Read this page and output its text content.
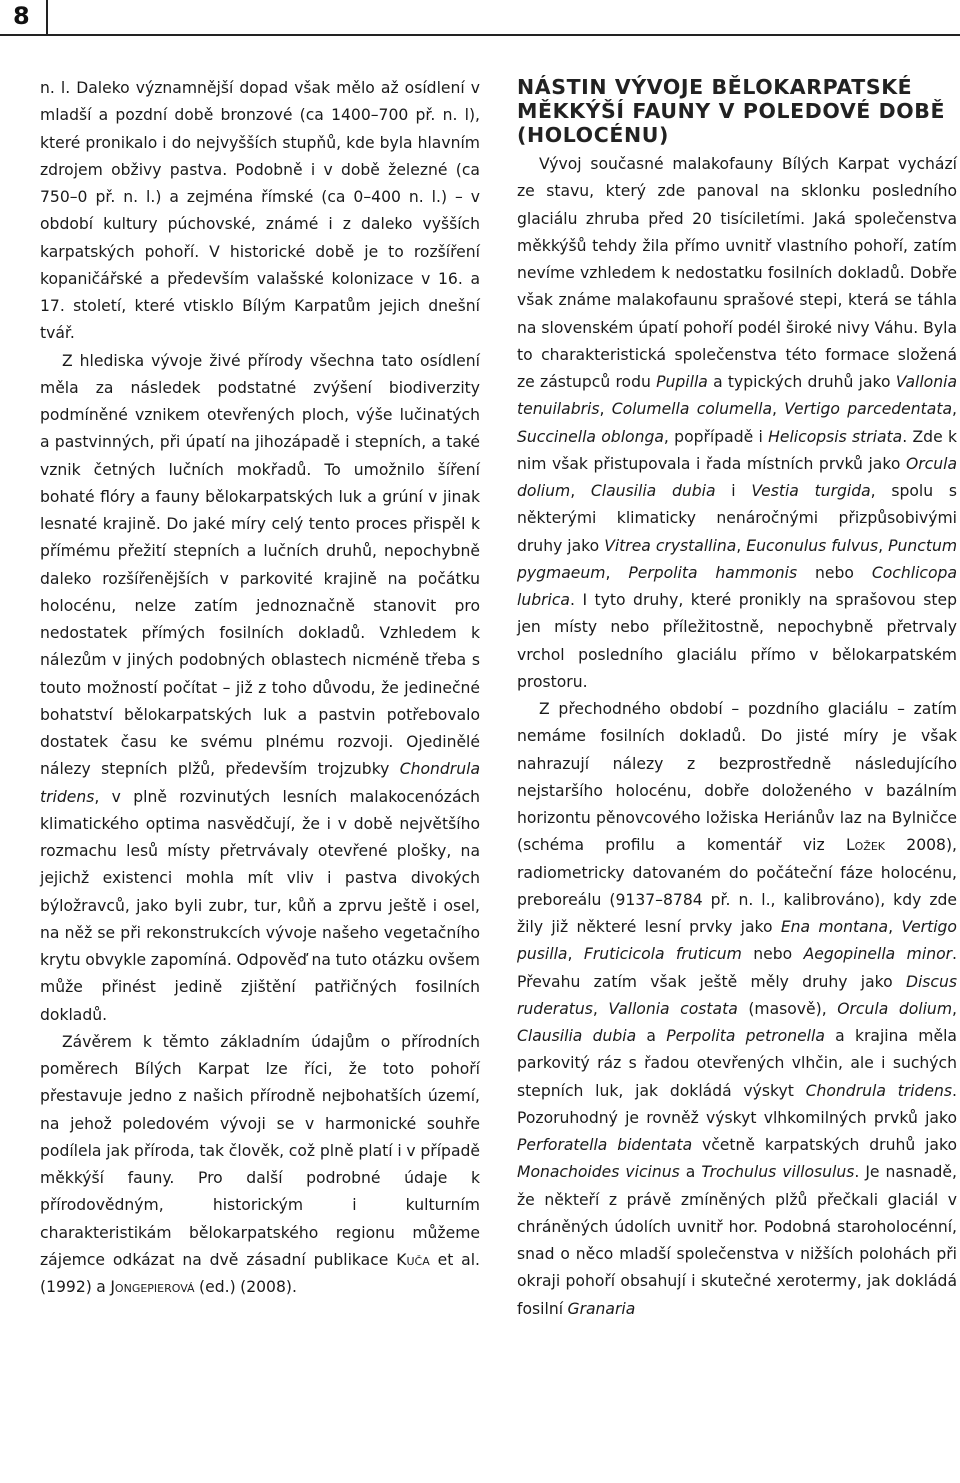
8

n. l. Daleko významnější dopad však mělo až osídlení v mladší a pozdní době bronzové (ca 1400–700 př. n. l), které pronikalo i do nejvyšších stupňů, kde byla hlavním zdrojem obživy pastva. Podobně i v době železné (ca 750–0 př. n. l.) a zejména římské (ca 0–400 n. l.) – v období kultury púchovské, známé i z daleko vyšších karpatských pohoří. V historické době je to rozšíření kopaničářské a především valašské kolonizace v 16. a 17. století, které vtisklo Bílým Karpatům jejich dnešní tvář.

Z hlediska vývoje živé přírody všechna tato osídlení měla za následek podstatné zvýšení biodiverzity podmíněné vznikem otevřených ploch, výše lučinatých a pastvinných, při úpatí na jihozápadě i stepních, a také vznik četných lučních mokřadů. To umožnilo šíření bohaté flóry a fauny bělokarpatských luk a grúní v jinak lesnaté krajině. Do jaké míry celý tento proces přispěl k přímému přežití stepních a lučních druhů, nepochybně daleko rozšířenějších v parkovité krajině na počátku holocénu, nelze zatím jednoznačně stanovit pro nedostatek přímých fosilních dokladů. Vzhledem k nálezům v jiných podobných oblastech nicméně třeba s touto možností počítat – již z toho důvodu, že jedinečné bohatství bělokarpatských luk a pastvin potřebovalo dostatek času ke svému plnému rozvoji. Ojedinělé nálezy stepních plžů, především trojzubky Chondrula tridens, v plně rozvinutých lesních malakocenózách klimatického optima nasvědčují, že i v době největšího rozmachu lesů místy přetrvávaly otevřené plošky, na jejichž existenci mohla mít vliv i pastva divokých býložravců, jako byli zubr, tur, kůň a zprvu ještě i osel, na něž se při rekonstrukcích vývoje našeho vegetačního krytu obvykle zapomíná. Odpověď na tuto otázku ovšem může přinést jedině zjištění patřičných fosilních dokladů.

Závěrem k těmto základním údajům o přírodních poměrech Bílých Karpat lze říci, že toto pohoří přestavuje jedno z našich přírodně nejbohatších území, na jehož poledovém vývoji se v harmonické souhře podílela jak příroda, tak člověk, což plně platí i v případě měkkýší fauny. Pro další podrobné údaje k přírodovědným, historickým i kulturním charakteristikám bělokarpatského regionu můžeme zájemce odkázat na dvě zásadní publikace Kuča et al. (1992) a Jongepierová (ed.) (2008).

NÁSTIN VÝVOJE BĚLOKARPATSKÉ MĚKKÝŠÍ FAUNY V POLEDOVÉ DOBĚ (HOLOCÉNU)

Vývoj současné malakofauny Bílých Karpat vychází ze stavu, který zde panoval na sklonku posledního glaciálu zhruba před 20 tisíciletími. Jaká společenstva měkkýšů tehdy žila přímo uvnitř vlastního pohoří, zatím nevíme vzhledem k nedostatku fosilních dokladů. Dobře však známe malakofaunu sprašové stepi, která se táhla na slovenském úpatí pohoří podél široké nivy Váhu. Byla to charakteristická společenstva této formace složená ze zástupců rodu Pupilla a typických druhů jako Vallonia tenuilabris, Columella columella, Vertigo parcedentata, Succinella oblonga, popřípadě i Helicopsis striata. Zde k nim však přistupovala i řada místních prvků jako Orcula dolium, Clausilia dubia i Vestia turgida, spolu s některými klimaticky nenáročnými přizpůsobivými druhy jako Vitrea crystallina, Euconulus fulvus, Punctum pygmaeum, Perpolita hammonis nebo Cochlicopa lubrica. I tyto druhy, které pronikly na sprašovou step jen místy nebo příležitostně, nepochybně přetrvaly vrchol posledního glaciálu přímo v bělokarpatském prostoru.

Z přechodného období – pozdního glaciálu – zatím nemáme fosilních dokladů. Do jisté míry je však nahrazují nálezy z bezprostředně následujícího nejstaršího holocénu, dobře doloženého v bazálním horizontu pěnovcového ložiska Heriánův laz na Bylničce (schéma profilu a komentář viz Ložek 2008), radiometricky datovaném do počáteční fáze holocénu, preboreálu (9137–8784 př. n. l., kalibrováno), kdy zde žily již některé lesní prvky jako Ena montana, Vertigo pusilla, Fruticicola fruticum nebo Aegopinella minor. Převahu zatím však ještě měly druhy jako Discus ruderatus, Vallonia costata (masově), Orcula dolium, Clausilia dubia a Perpolita petronella a krajina měla parkovitý ráz s řadou otevřených vlhčin, ale i suchých stepních luk, jak dokládá výskyt Chondrula tridens. Pozoruhodný je rovněž výskyt vlhkomilných prvků jako Perforatella bidentata včetně karpatských druhů jako Monachoides vicinus a Trochulus villosulus. Je nasnadě, že někteří z právě zmíněných plžů přečkali glaciál v chráněných údolích uvnitř hor. Podobná staroholocénní, snad o něco mladší společenstva v nižších polohách při okraji pohoří obsahují i skutečné xerotermy, jak dokládá fosilní Granaria
